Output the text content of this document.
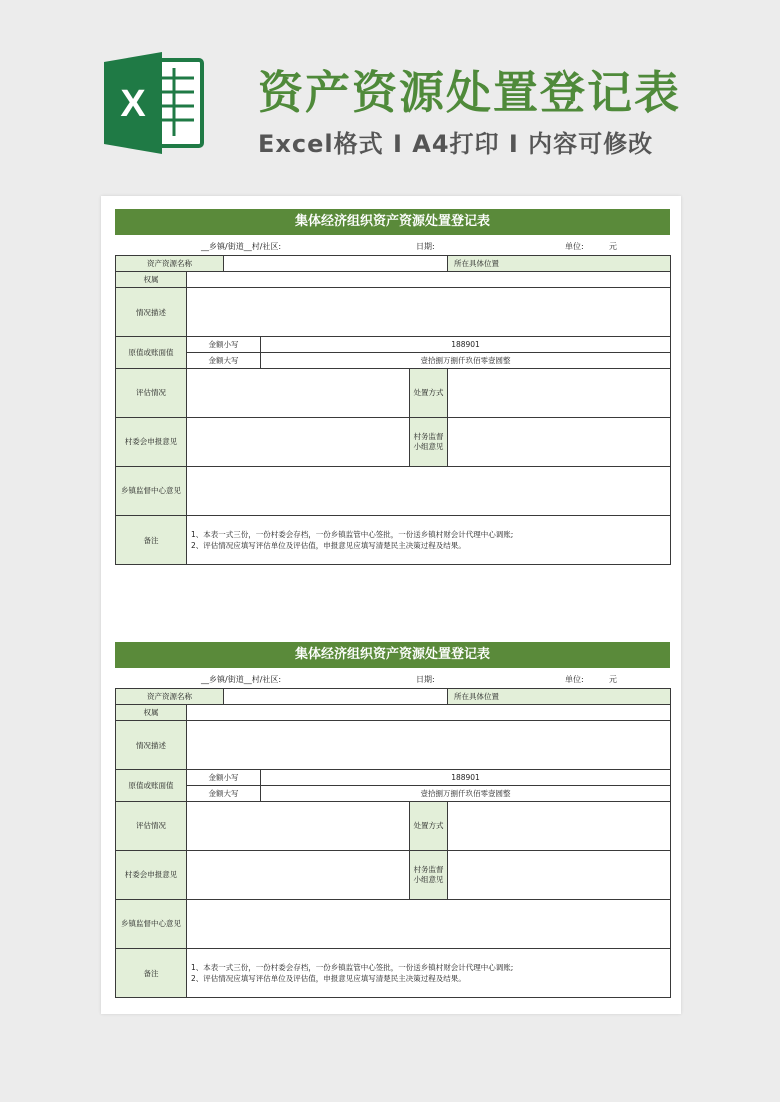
X 资产资源处置登记表
Excel格式 I A4打印 I 内容可修改
集体经济组织资产资源处置登记表
__乡镇/街道__村/社区:	日期:	单位:	元
资产资源名称					所在具体位置
权属					
情况描述					
原值或账面值	金额小写		188901		
	金额大写		壹拾捌万捌仟玖佰零壹圆整		
评估情况				处置方式	
村委会申报意见				村务监督小组意见	
乡镇监督中心意见					
备注	1、本表一式三份，一份村委会存档，一份乡镇监管中心签批，一份送乡镇村财会计代理中心调账;
2、评估情况应填写评估单位及评估值，申报意见应填写清楚民主决策过程及结果。				
集体经济组织资产资源处置登记表
__乡镇/街道__村/社区:	日期:	单位:	元
资产资源名称					所在具体位置
权属					
情况描述					
原值或账面值	金额小写		188901		
	金额大写		壹拾捌万捌仟玖佰零壹圆整		
评估情况				处置方式	
村委会申报意见				村务监督小组意见	
乡镇监督中心意见					
备注	1、本表一式三份，一份村委会存档，一份乡镇监管中心签批，一份送乡镇村财会计代理中心调账;
2、评估情况应填写评估单位及评估值，申报意见应填写清楚民主决策过程及结果。				
